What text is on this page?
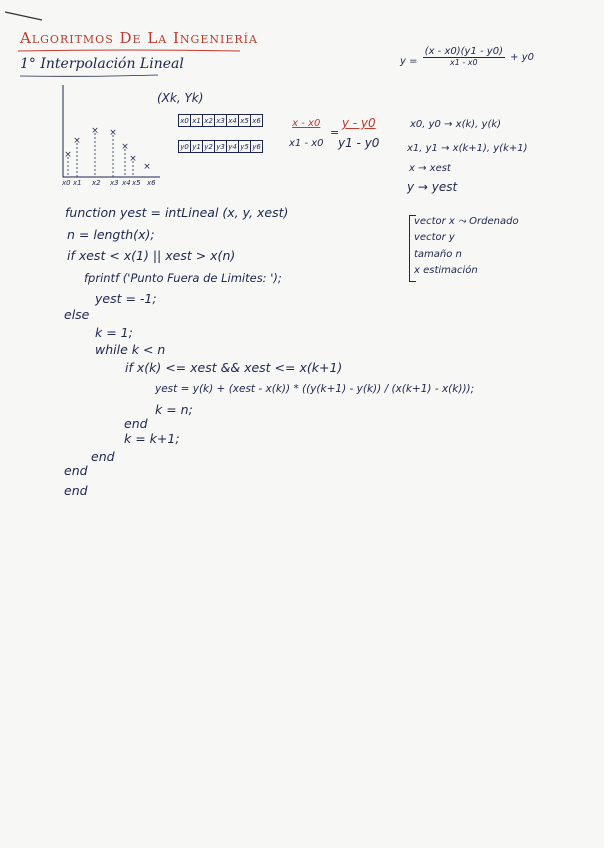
Algoritmos De La Ingeniería
1° Interpolación Lineal	y =
(x - x0)(y1 - y0)
x1 - x0	+ y0
×
×
× ×
×
×
×
x0 x1 x2 x3 x4 x5 x6
(Xk, Yk)
x0	x1	x2	x3	x4	x5	x6
y0	y1	y2	y3	y4	y5	y6	$\frac{x - x0}{x1 - x0}$ =
$\frac{y - y0}{y1 - y0}$	x0, y0 → x(k), y(k)
x1, y1 → x(k+1), y(k+1)
x → xest
y → yest
vector x ⤳ Ordenado
vector y
tamaño n
x estimación
function yest = intLineal (x, y, xest)
n = length(x);
if xest < x(1) || xest > x(n)
fprintf ('Punto Fuera de Limites: ');
yest = -1;
else
k = 1;
while k < n
if x(k) <= xest && xest <= x(k+1)
yest = y(k) + (xest - x(k)) * ((y(k+1) - y(k)) / (x(k+1) - x(k)));
k = n;
end
k = k+1;
end
end
end
